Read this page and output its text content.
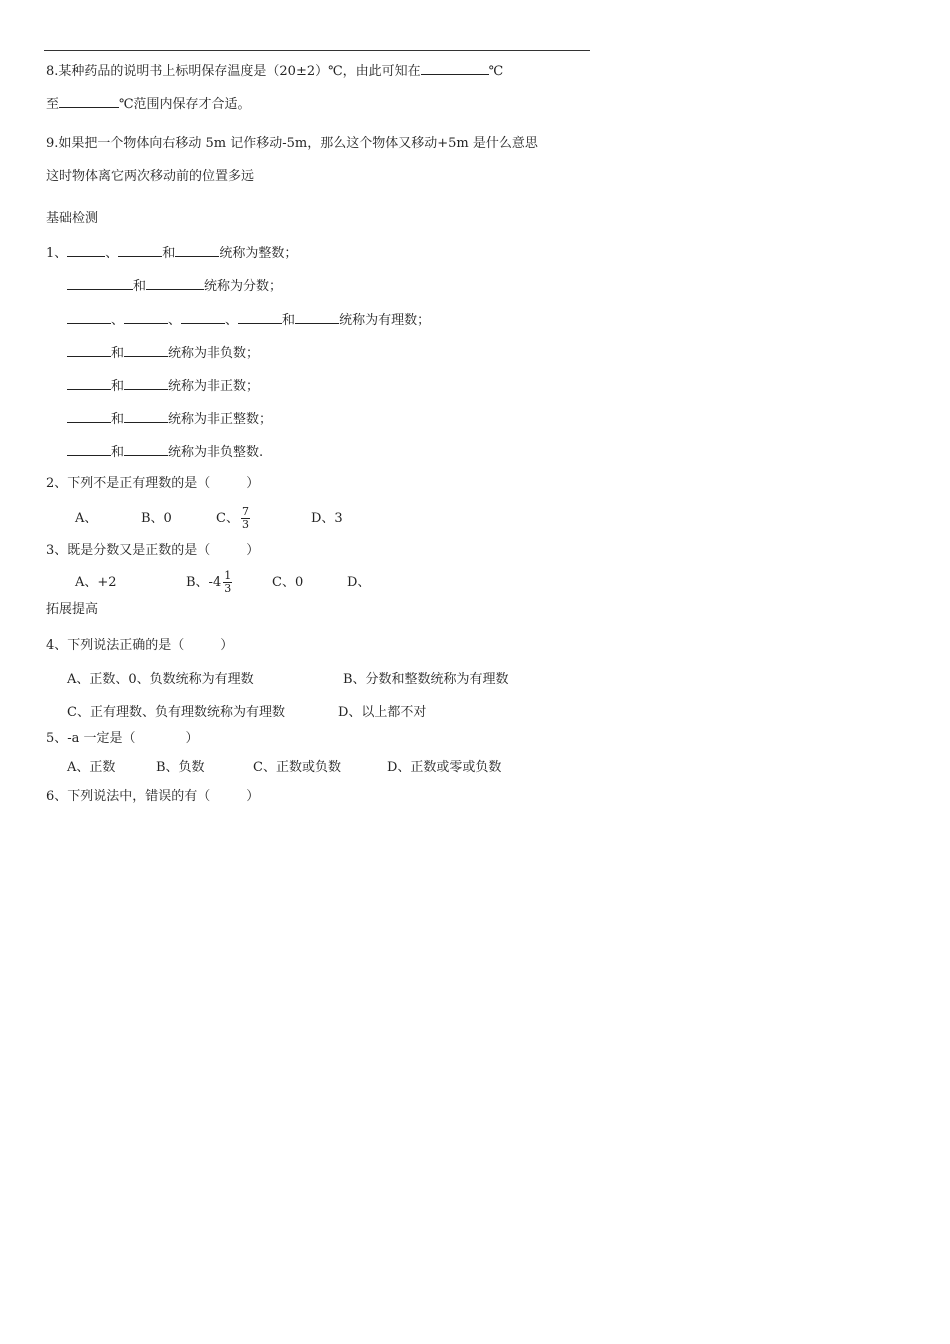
8.某种药品的说明书上标明保存温度是（20±2）℃，由此可知在	℃
至	℃范围内保存才合适。
9.如果把一个物体向右移动 5m 记作移动-5m，那么这个物体又移动+5m 是什么意思
这时物体离它两次移动前的位置多远
基础检测
1、	、	和	统称为整数；
和	统称为分数；
、	、	、	和	统称为有理数；
和	统称为非负数；
和	统称为非正数；
和	统称为非正整数；
和	统称为非负整数.
2、下列不是正有理数的是（	）
A、	B、0	C、 $\frac{7}{3}$	D、3
3、既是分数又是正数的是（	）
A、+2	B、$-4 \frac{1}{3}$	C、0	D、
拓展提高
4、下列说法正确的是（	）
A、正数、0、负数统称为有理数	B、分数和整数统称为有理数
C、正有理数、负有理数统称为有理数	D、以上都不对
5、-a 一定是（	）
A、正数	B、负数	C、正数或负数	D、正数或零或负数
6、下列说法中，错误的有（	）
